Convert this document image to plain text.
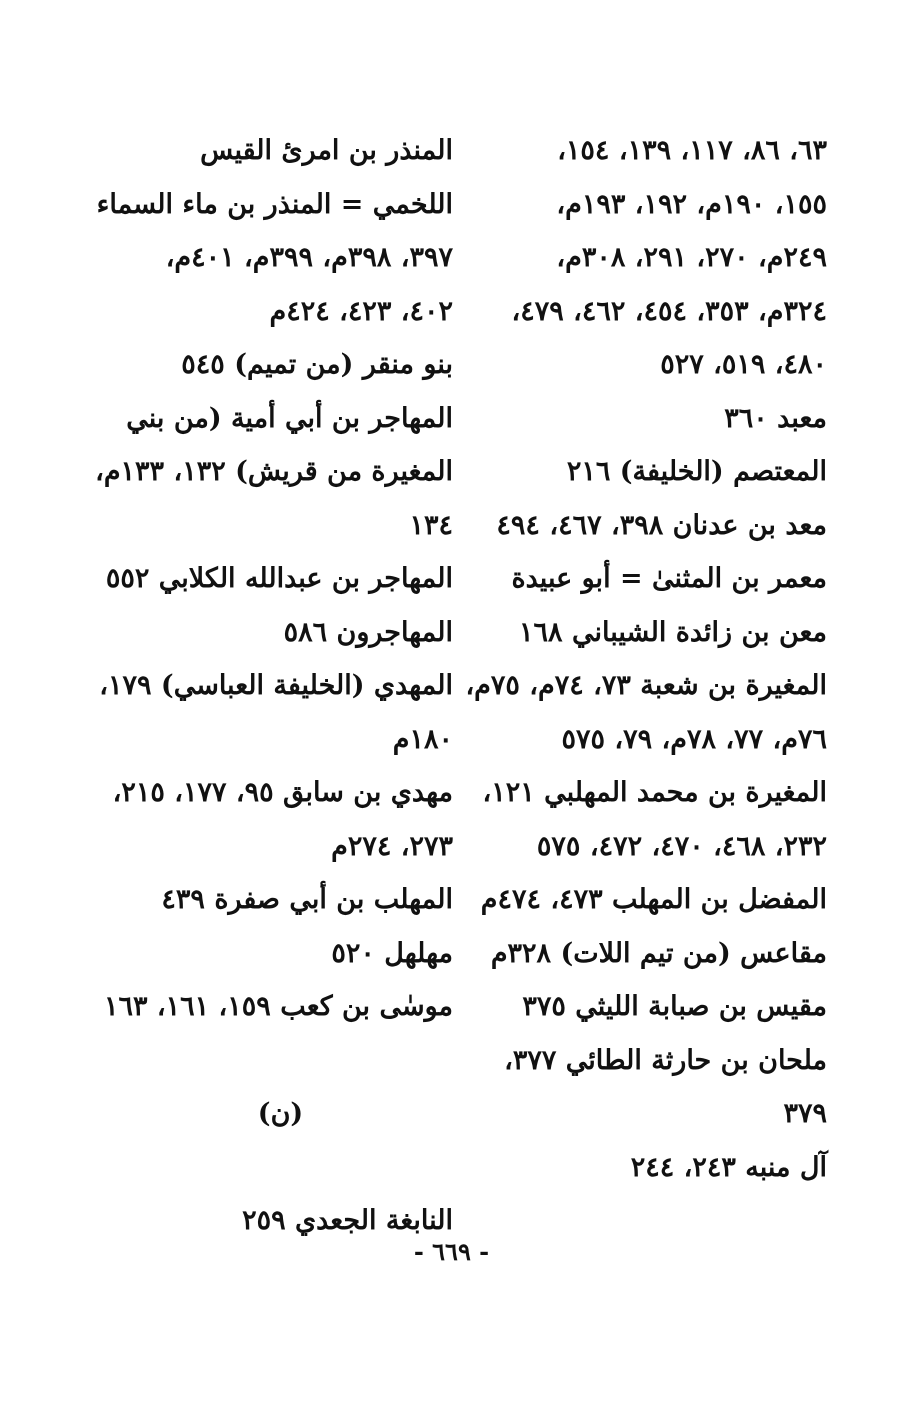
٦٣، ٨٦، ١١٧، ١٣٩، ١٥٤،
١٥٥، ١٩٠م، ١٩٢، ١٩٣م،
٢٤٩م، ٢٧٠، ٢٩١، ٣٠٨م،
٣٢٤م، ٣٥٣، ٤٥٤، ٤٦٢، ٤٧٩،
٤٨٠، ٥١٩، ٥٢٧
معبد ٣٦٠
المعتصم (الخليفة) ٢١٦
معد بن عدنان ٣٩٨، ٤٦٧، ٤٩٤
معمر بن المثنىٰ = أبو عبيدة
معن بن زائدة الشيباني ١٦٨
المغيرة بن شعبة ٧٣، ٧٤م، ٧٥م،
٧٦م، ٧٧، ٧٨م، ٧٩، ٥٧٥
المغيرة بن محمد المهلبي ١٢١،
٢٣٢، ٤٦٨، ٤٧٠، ٤٧٢، ٥٧٥
المفضل بن المهلب ٤٧٣، ٤٧٤م
مقاعس (من تيم اللات) ٣٢٨م
مقيس بن صبابة الليثي ٣٧٥
ملحان بن حارثة الطائي ٣٧٧،
٣٧٩
آل منبه ٢٤٣، ٢٤٤
المنذر بن امرئ القيس
اللخمي = المنذر بن ماء السماء
٣٩٧، ٣٩٨م، ٣٩٩م، ٤٠١م،
٤٠٢، ٤٢٣، ٤٢٤م
بنو منقر (من تميم) ٥٤٥
المهاجر بن أبي أمية (من بني
المغيرة من قريش) ١٣٢، ١٣٣م،
١٣٤
المهاجر بن عبدالله الكلابي ٥٥٢
المهاجرون ٥٨٦
المهدي (الخليفة العباسي) ١٧٩،
١٨٠م
مهدي بن سابق ٩٥، ١٧٧، ٢١٥،
٢٧٣، ٢٧٤م
المهلب بن أبي صفرة ٤٣٩
مهلهل ٥٢٠
موسٰى بن كعب ١٥٩، ١٦١، ١٦٣
(ن)
النابغة الجعدي ٢٥٩
- ٦٦٩ -
